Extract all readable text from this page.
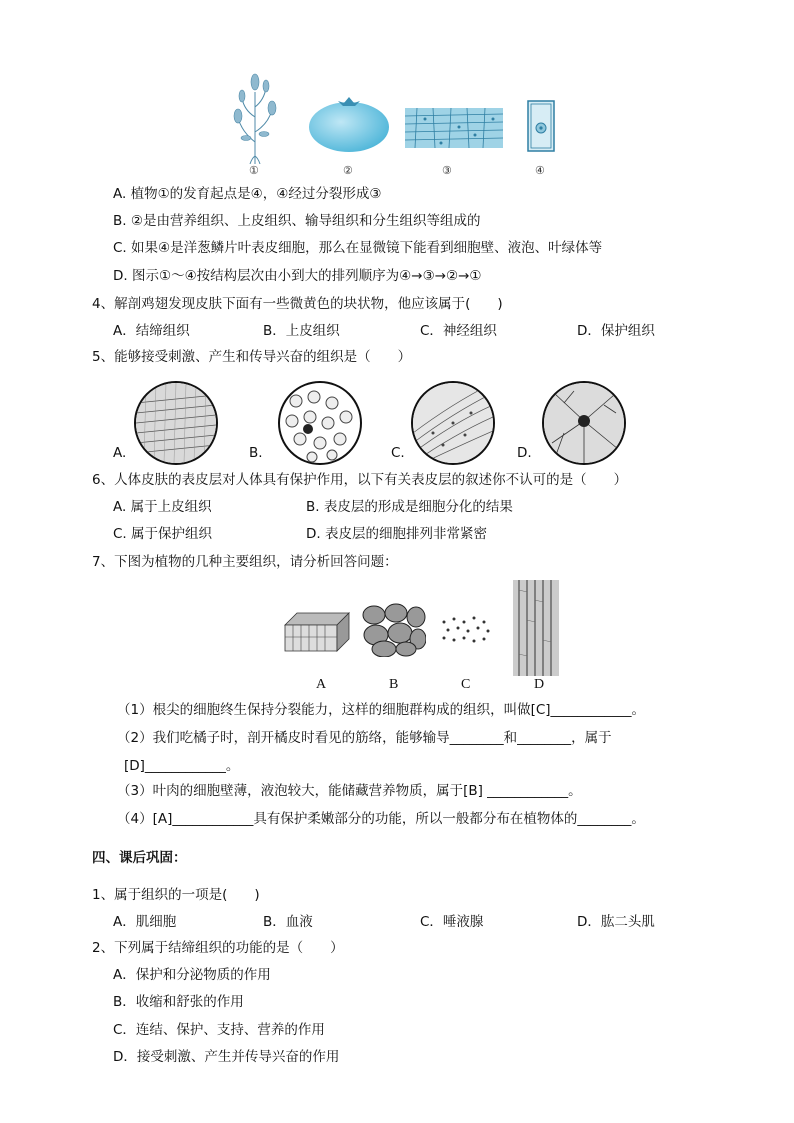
①	②	③	④
A. 植物①的发育起点是④，④经过分裂形成③
B. ②是由营养组织、上皮组织、输导组织和分生组织等组成的
C. 如果④是洋葱鳞片叶表皮细胞，那么在显微镜下能看到细胞壁、液泡、叶绿体等
D. 图示①～④按结构层次由小到大的排列顺序为④→③→②→①
4、解剖鸡翅发现皮肤下面有一些微黄色的块状物，他应该属于(　　)
A．结缔组织	B．上皮组织	C．神经组织	D．保护组织
5、能够接受刺激、产生和传导兴奋的组织是（　　）
A.	B.	C.	D.
6、人体皮肤的表皮层对人体具有保护作用，以下有关表皮层的叙述你不认可的是（　　）
A. 属于上皮组织	B. 表皮层的形成是细胞分化的结果
C. 属于保护组织	D. 表皮层的细胞排列非常紧密
7、下图为植物的几种主要组织，请分析回答问题：
A	B	C	D
（1）根尖的细胞终生保持分裂能力，这样的细胞群构成的组织，叫做[C]____________。
（2）我们吃橘子时，剖开橘皮时看见的筋络，能够输导________和________，属于
[D]____________。
（3）叶肉的细胞壁薄，液泡较大，能储藏营养物质，属于[B] ____________。
（4）[A]____________具有保护柔嫩部分的功能，所以一般都分布在植物体的________。
四、课后巩固：
1、属于组织的一项是(　　)
A．肌细胞	B．血液	C．唾液腺	D．肱二头肌
2、下列属于结缔组织的功能的是（　　）
A．保护和分泌物质的作用
B．收缩和舒张的作用
C．连结、保护、支持、营养的作用
D．接受刺激、产生并传导兴奋的作用
